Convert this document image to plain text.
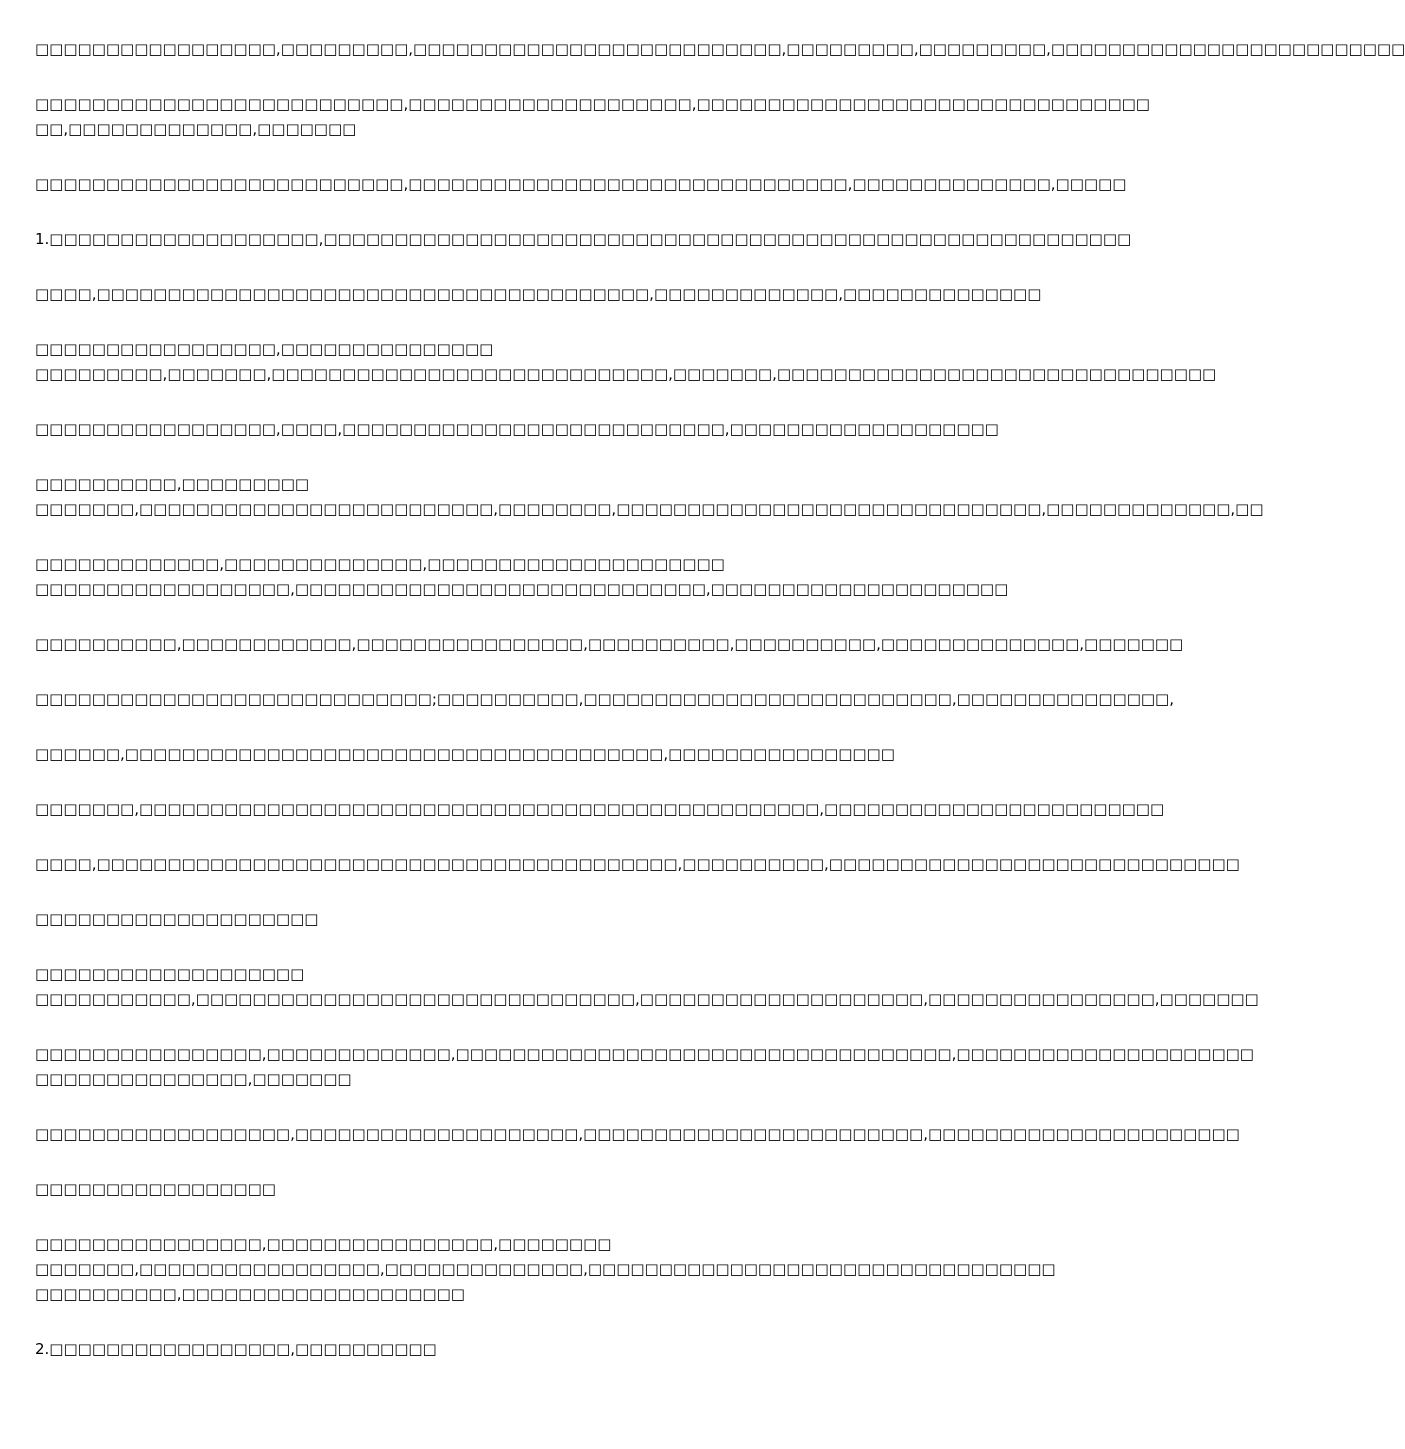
□□□□□□□□□□□□□□□□□,□□□□□□□□□,□□□□□□□□□□□□□□□□□□□□□□□□□□,□□□□□□□□□,□□□□□□□□□,□□□□□□□□□□□□□□□□□□□□□□□□□
□□□□□□□□□□□□□□□□□□□□□□□□□□,□□□□□□□□□□□□□□□□□□□□,□□□□□□□□□□□□□□□□□□□□□□□□□□□□□□□□
□□,□□□□□□□□□□□□□,□□□□□□□
□□□□□□□□□□□□□□□□□□□□□□□□□□,□□□□□□□□□□□□□□□□□□□□□□□□□□□□□□□,□□□□□□□□□□□□□□,□□□□□
1.□□□□□□□□□□□□□□□□□□□,□□□□□□□□□□□□□□□□□□□□□□□□□□□□□□□□□□□□□□□□□□□□□□□□□□□□□□□□□
□□□□,□□□□□□□□□□□□□□□□□□□□□□□□□□□□□□□□□□□□□□□,□□□□□□□□□□□□□,□□□□□□□□□□□□□□
□□□□□□□□□□□□□□□□□,□□□□□□□□□□□□□□□
□□□□□□□□□,□□□□□□□,□□□□□□□□□□□□□□□□□□□□□□□□□□□□,□□□□□□□,□□□□□□□□□□□□□□□□□□□□□□□□□□□□□□□
□□□□□□□□□□□□□□□□□,□□□□,□□□□□□□□□□□□□□□□□□□□□□□□□□□,□□□□□□□□□□□□□□□□□□□
□□□□□□□□□□,□□□□□□□□□
□□□□□□□,□□□□□□□□□□□□□□□□□□□□□□□□□,□□□□□□□□,□□□□□□□□□□□□□□□□□□□□□□□□□□□□□□,□□□□□□□□□□□□□,□□
□□□□□□□□□□□□□,□□□□□□□□□□□□□□,□□□□□□□□□□□□□□□□□□□□□
□□□□□□□□□□□□□□□□□□,□□□□□□□□□□□□□□□□□□□□□□□□□□□□□,□□□□□□□□□□□□□□□□□□□□□
□□□□□□□□□□,□□□□□□□□□□□□,□□□□□□□□□□□□□□□□,□□□□□□□□□□,□□□□□□□□□□,□□□□□□□□□□□□□□,□□□□□□□
□□□□□□□□□□□□□□□□□□□□□□□□□□□□;□□□□□□□□□□,□□□□□□□□□□□□□□□□□□□□□□□□□□,□□□□□□□□□□□□□□□,
□□□□□□,□□□□□□□□□□□□□□□□□□□□□□□□□□□□□□□□□□□□□□,□□□□□□□□□□□□□□□□
□□□□□□□,□□□□□□□□□□□□□□□□□□□□□□□□□□□□□□□□□□□□□□□□□□□□□□□□,□□□□□□□□□□□□□□□□□□□□□□□□
□□□□,□□□□□□□□□□□□□□□□□□□□□□□□□□□□□□□□□□□□□□□□□,□□□□□□□□□□,□□□□□□□□□□□□□□□□□□□□□□□□□□□□□
□□□□□□□□□□□□□□□□□□□□
□□□□□□□□□□□□□□□□□□□
□□□□□□□□□□□,□□□□□□□□□□□□□□□□□□□□□□□□□□□□□□□,□□□□□□□□□□□□□□□□□□□□,□□□□□□□□□□□□□□□□,□□□□□□□
□□□□□□□□□□□□□□□□,□□□□□□□□□□□□□,□□□□□□□□□□□□□□□□□□□□□□□□□□□□□□□□□□□,□□□□□□□□□□□□□□□□□□□□□
□□□□□□□□□□□□□□□,□□□□□□□
□□□□□□□□□□□□□□□□□□,□□□□□□□□□□□□□□□□□□□□,□□□□□□□□□□□□□□□□□□□□□□□□,□□□□□□□□□□□□□□□□□□□□□□
□□□□□□□□□□□□□□□□□
□□□□□□□□□□□□□□□□,□□□□□□□□□□□□□□□□,□□□□□□□□
□□□□□□□,□□□□□□□□□□□□□□□□□,□□□□□□□□□□□□□□,□□□□□□□□□□□□□□□□□□□□□□□□□□□□□□□□□
□□□□□□□□□□,□□□□□□□□□□□□□□□□□□□□
2.□□□□□□□□□□□□□□□□□,□□□□□□□□□□
